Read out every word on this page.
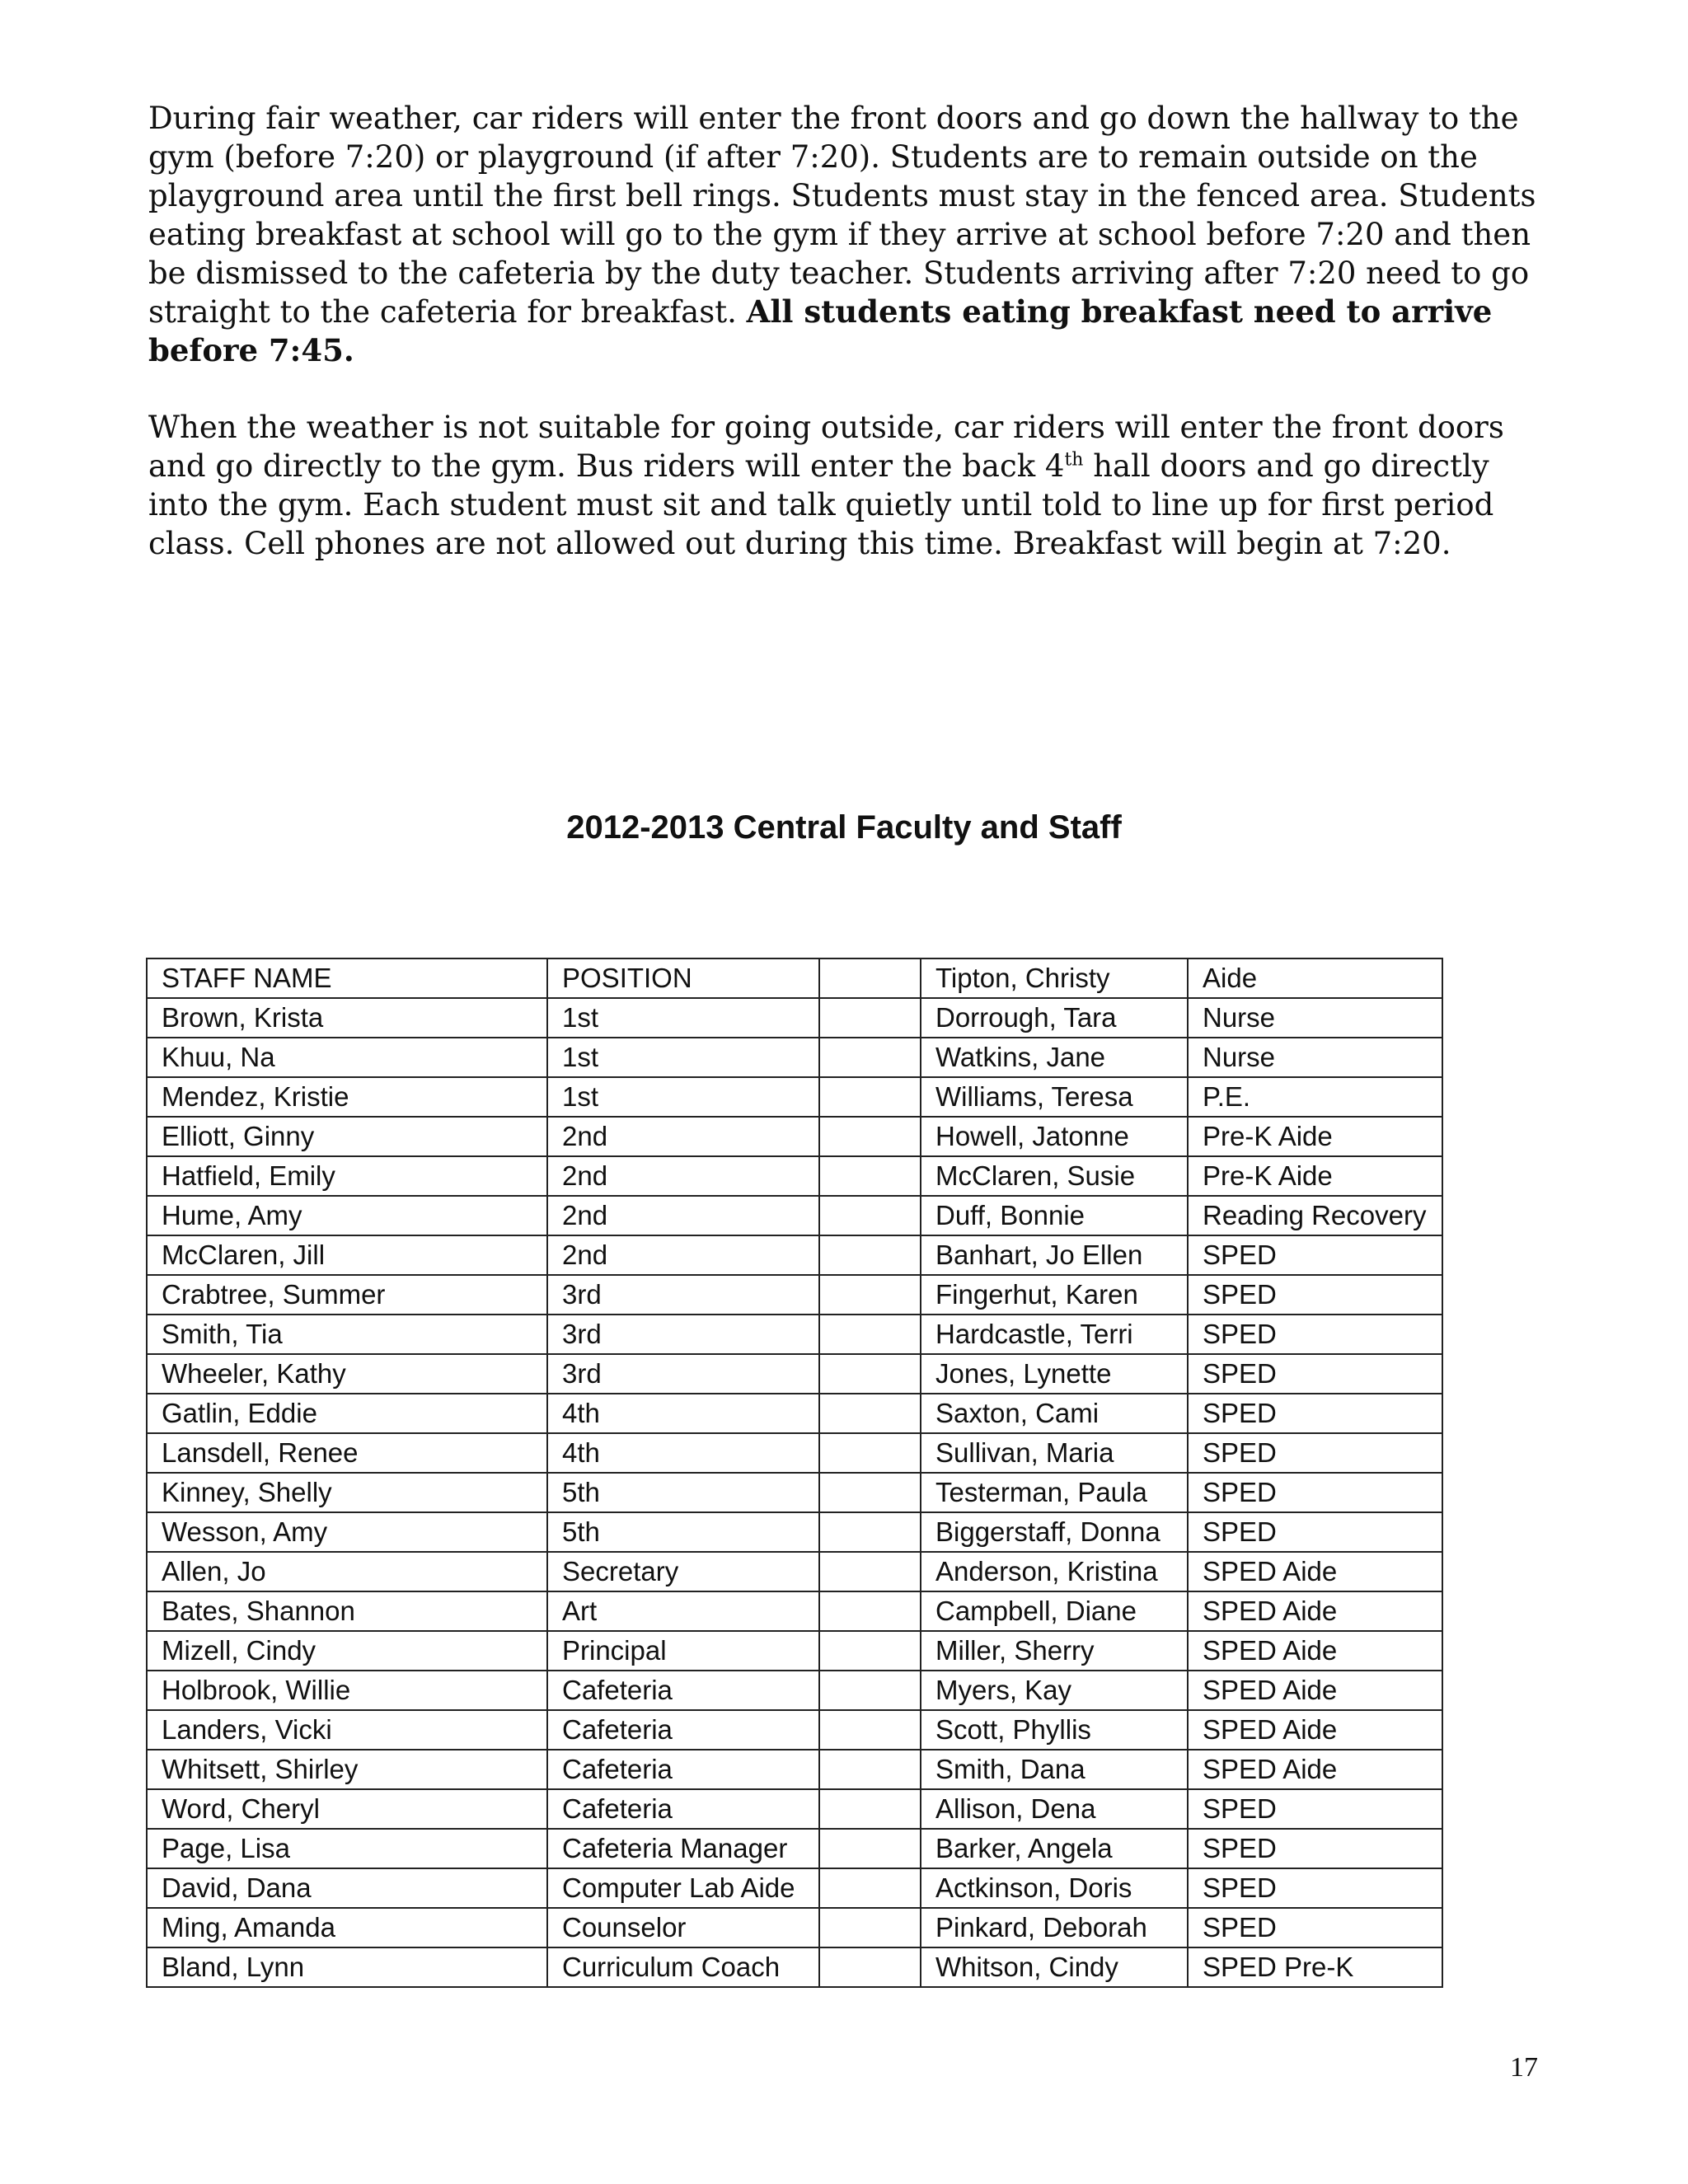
During fair weather, car riders will enter the front doors and go down the hallway to the gym (before 7:20) or playground (if after 7:20). Students are to remain outside on the playground area until the first bell rings. Students must stay in the fenced area. Students eating breakfast at school will go to the gym if they arrive at school before 7:20 and then be dismissed to the cafeteria by the duty teacher. Students arriving after 7:20 need to go straight to the cafeteria for breakfast. All students eating breakfast need to arrive before 7:45.

When the weather is not suitable for going outside, car riders will enter the front doors and go directly to the gym. Bus riders will enter the back 4th hall doors and go directly into the gym. Each student must sit and talk quietly until told to line up for first period class. Cell phones are not allowed out during this time. Breakfast will begin at 7:20.

2012-2013 Central Faculty and Staff
STAFF NAME	POSITION		Tipton, Christy	Aide
Brown, Krista	1st		Dorrough, Tara	Nurse
Khuu, Na	1st		Watkins, Jane	Nurse
Mendez, Kristie	1st		Williams, Teresa	P.E.
Elliott, Ginny	2nd		Howell, Jatonne	Pre-K Aide
Hatfield, Emily	2nd		McClaren, Susie	Pre-K Aide
Hume, Amy	2nd		Duff, Bonnie	Reading Recovery
McClaren, Jill	2nd		Banhart, Jo Ellen	SPED
Crabtree, Summer	3rd		Fingerhut, Karen	SPED
Smith, Tia	3rd		Hardcastle, Terri	SPED
Wheeler, Kathy	3rd		Jones, Lynette	SPED
Gatlin, Eddie	4th		Saxton, Cami	SPED
Lansdell, Renee	4th		Sullivan, Maria	SPED
Kinney, Shelly	5th		Testerman, Paula	SPED
Wesson, Amy	5th		Biggerstaff, Donna	SPED
Allen, Jo	Secretary		Anderson, Kristina	SPED Aide
Bates, Shannon	Art		Campbell, Diane	SPED Aide
Mizell, Cindy	Principal		Miller, Sherry	SPED Aide
Holbrook, Willie	Cafeteria		Myers, Kay	SPED Aide
Landers, Vicki	Cafeteria		Scott, Phyllis	SPED Aide
Whitsett, Shirley	Cafeteria		Smith, Dana	SPED Aide
Word, Cheryl	Cafeteria		Allison, Dena	SPED
Page, Lisa	Cafeteria Manager		Barker, Angela	SPED
David, Dana	Computer Lab Aide		Actkinson, Doris	SPED
Ming, Amanda	Counselor		Pinkard, Deborah	SPED
Bland, Lynn	Curriculum Coach		Whitson, Cindy	SPED Pre-K
17
